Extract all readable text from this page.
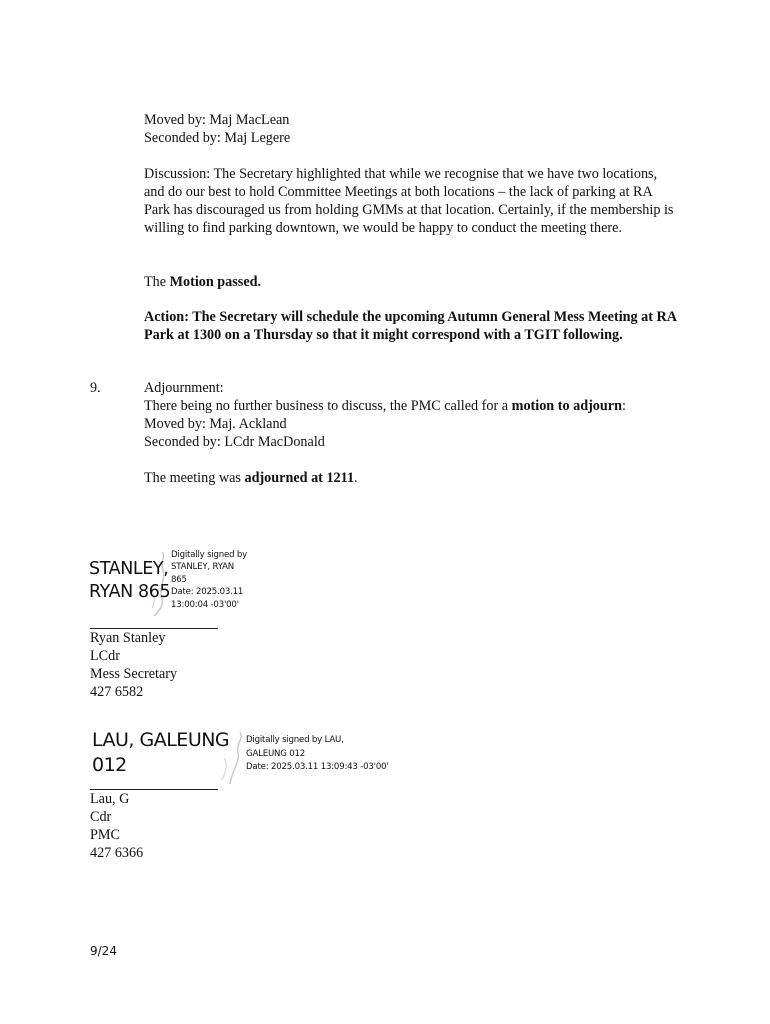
Moved by: Maj MacLean
Seconded by: Maj Legere
Discussion: The Secretary highlighted that while we recognise that we have two locations, and do our best to hold Committee Meetings at both locations – the lack of parking at RA Park has discouraged us from holding GMMs at that location. Certainly, if the membership is willing to find parking downtown, we would be happy to conduct the meeting there.
The Motion passed.
Action: The Secretary will schedule the upcoming Autumn General Mess Meeting at RA Park at 1300 on a Thursday so that it might correspond with a TGIT following.
9.	Adjournment:
There being no further business to discuss, the PMC called for a motion to adjourn:
Moved by: Maj. Ackland
Seconded by: LCdr MacDonald
The meeting was adjourned at 1211.
STANLEY,
RYAN 865
Digitally signed by
STANLEY, RYAN
865
Date: 2025.03.11
13:00:04 -03'00'
Ryan Stanley
LCdr
Mess Secretary
427 6582
LAU, GALEUNG
012
Digitally signed by LAU,
GALEUNG 012
Date: 2025.03.11 13:09:43 -03'00'
Lau, G
Cdr
PMC
427 6366
9/24
